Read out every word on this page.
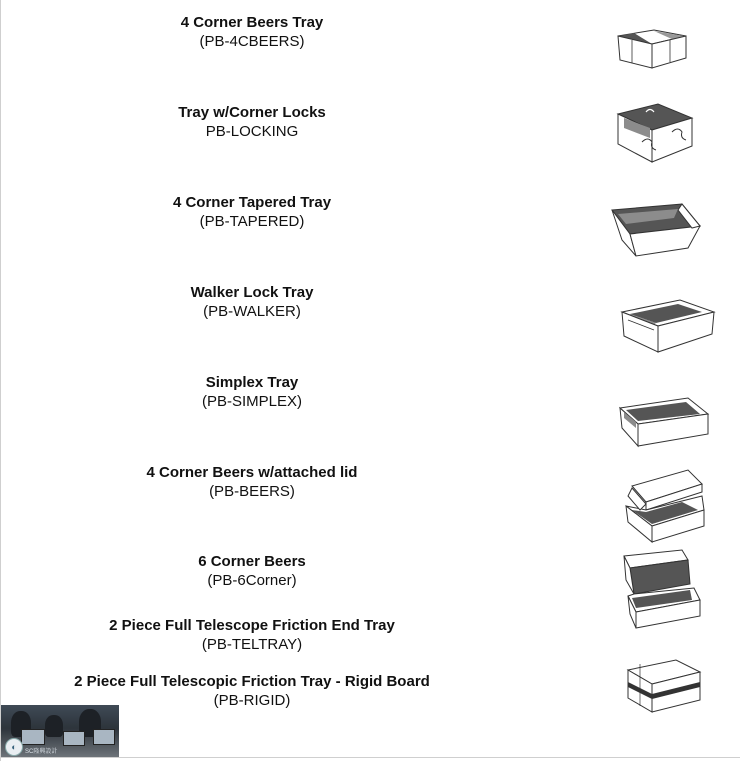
4 Corner Beers Tray
(PB-4CBEERS)
Tray w/Corner Locks
PB-LOCKING
4 Corner Tapered Tray
(PB-TAPERED)
Walker Lock Tray
(PB-WALKER)
Simplex Tray
(PB-SIMPLEX)
4 Corner Beers w/attached lid
(PB-BEERS)
6 Corner Beers
(PB-6Corner)
2 Piece Full Telescope Friction End Tray
(PB-TELTRAY)
2 Piece Full Telescopic Friction Tray - Rigid Board
(PB-RIGID)
◐	SC隆興設計
